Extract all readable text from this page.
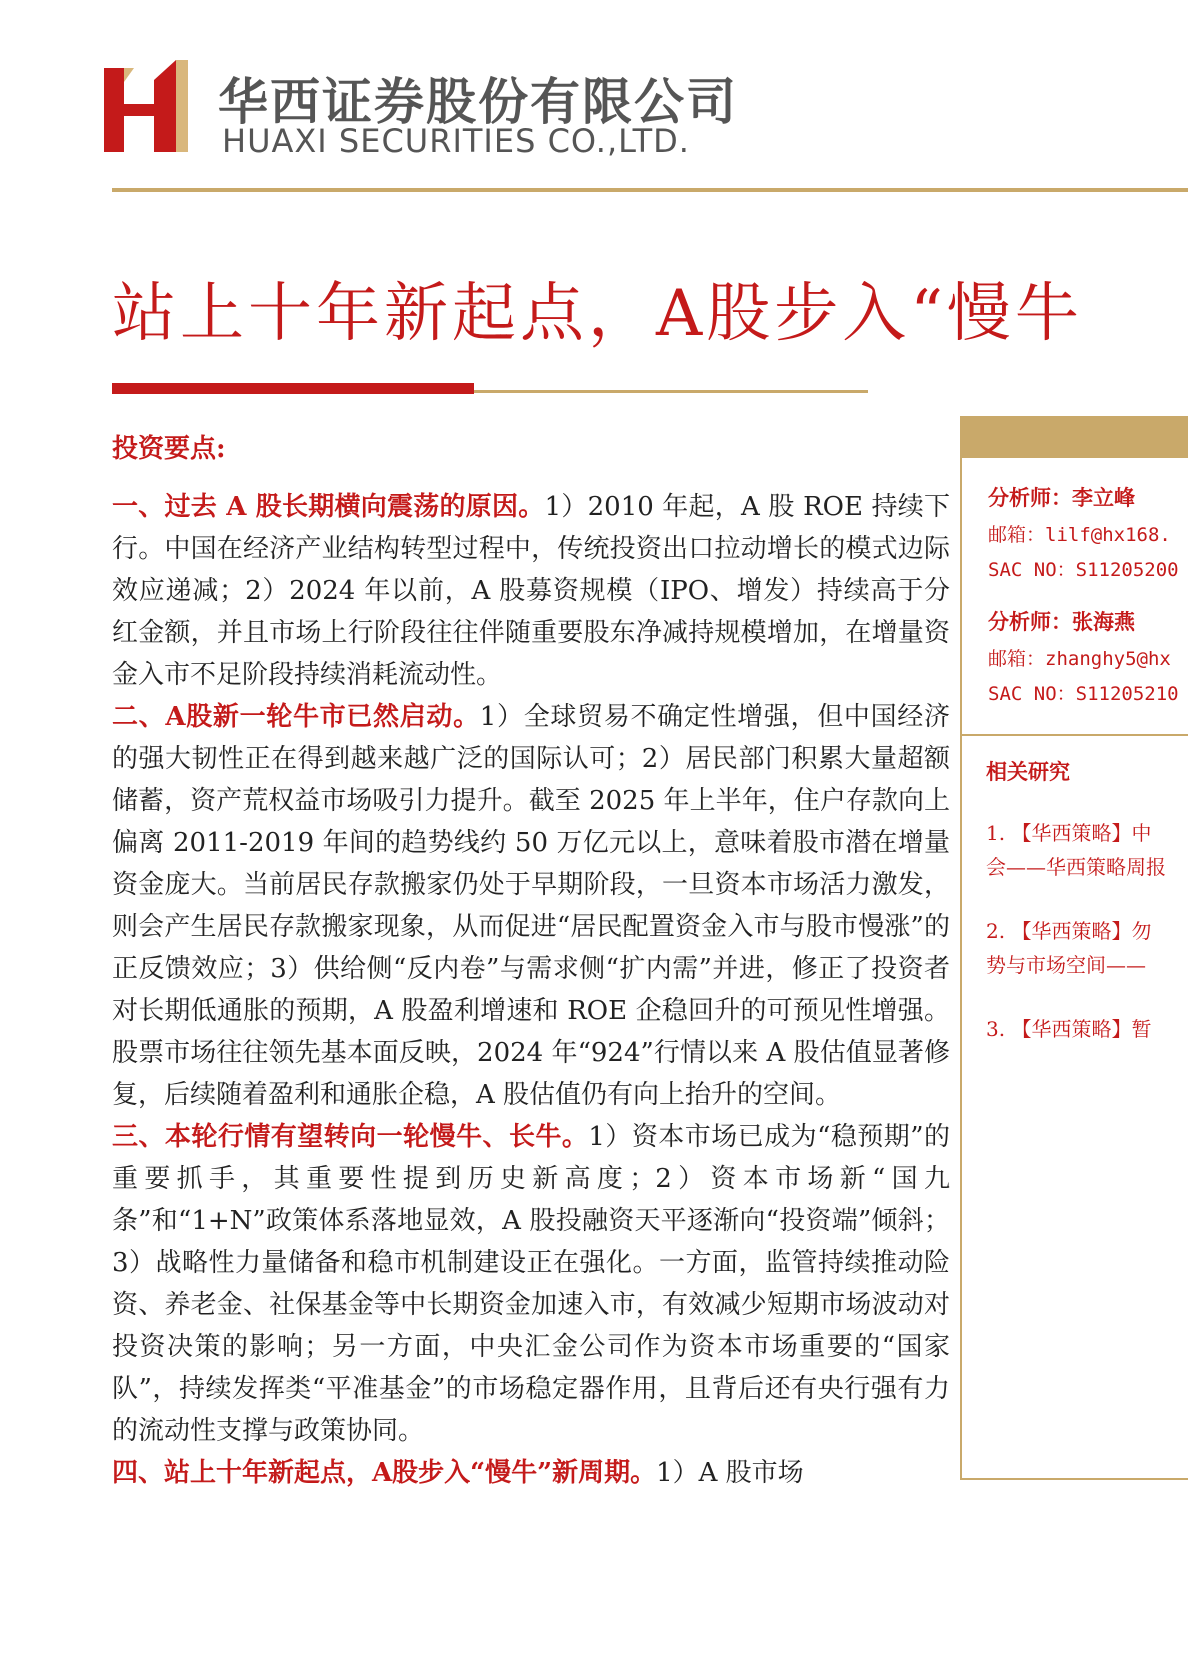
华西证券股份有限公司
HUAXI SECURITIES CO.,LTD.
站上十年新起点，A股步入“慢牛
投资要点:

一、过去 A 股长期横向震荡的原因。1）2010 年起，A 股 ROE 持续下行。中国在经济产业结构转型过程中，传统投资出口拉动增长的模式边际效应递减；2）2024 年以前，A 股募资规模（IPO、增发）持续高于分红金额，并且市场上行阶段往往伴随重要股东净减持规模增加，在增量资金入市不足阶段持续消耗流动性。

二、A股新一轮牛市已然启动。1）全球贸易不确定性增强，但中国经济的强大韧性正在得到越来越广泛的国际认可；2）居民部门积累大量超额储蓄，资产荒权益市场吸引力提升。截至 2025 年上半年，住户存款向上偏离 2011-2019 年间的趋势线约 50 万亿元以上，意味着股市潜在增量资金庞大。当前居民存款搬家仍处于早期阶段，一旦资本市场活力激发，则会产生居民存款搬家现象，从而促进“居民配置资金入市与股市慢涨”的正反馈效应；3）供给侧“反内卷”与需求侧“扩内需”并进，修正了投资者对长期低通胀的预期，A 股盈利增速和 ROE 企稳回升的可预见性增强。股票市场往往领先基本面反映，2024 年“924”行情以来 A 股估值显著修复，后续随着盈利和通胀企稳，A 股估值仍有向上抬升的空间。

三、本轮行情有望转向一轮慢牛、长牛。1）资本市场已成为“稳预期”的重要抓手，其重要性提到历史新高度；2）资本市场新“国九条”和“1+N”政策体系落地显效，A 股投融资天平逐渐向“投资端”倾斜；3）战略性力量储备和稳市机制建设正在强化。一方面，监管持续推动险资、养老金、社保基金等中长期资金加速入市，有效减少短期市场波动对投资决策的影响；另一方面，中央汇金公司作为资本市场重要的“国家队”，持续发挥类“平准基金”的市场稳定器作用，且背后还有央行强有力的流动性支撑与政策协同。

四、站上十年新起点，A股步入“慢牛”新周期。1）A 股市场

分析师：李立峰
邮箱：lilf@hx168.
SAC NO：S11205200
分析师：张海燕
邮箱：zhanghy5@hx
SAC NO：S11205210
相关研究
1. 【华西策略】中
会——华西策略周报
2. 【华西策略】勿
势与市场空间——
3. 【华西策略】暂
